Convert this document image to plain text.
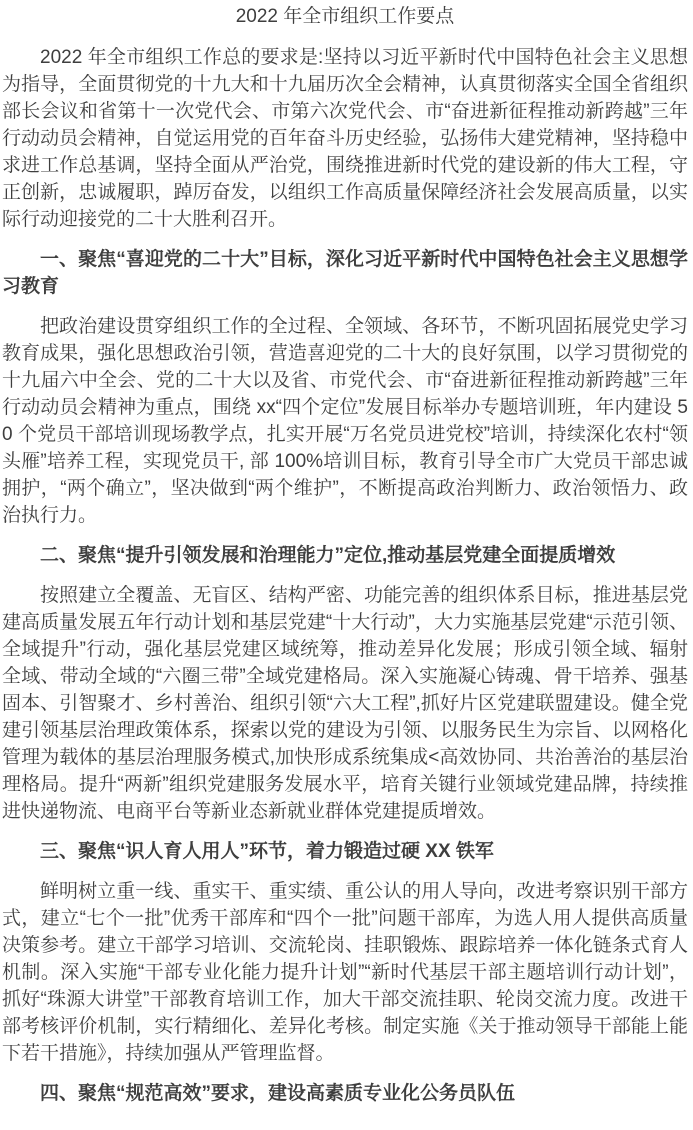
2022 年全市组织工作要点

2022 年全市组织工作总的要求是:坚持以习近平新时代中国特色社会主义思想为指导，全面贯彻党的十九大和十九届历次全会精神，认真贯彻落实全国全省组织部长会议和省第十一次党代会、市第六次党代会、市“奋进新征程推动新跨越”三年行动动员会精神，自觉运用党的百年奋斗历史经验，弘扬伟大建党精神，坚持稳中求进工作总基调，坚持全面从严治党，围绕推进新时代党的建设新的伟大工程，守正创新，忠诚履职，踔厉奋发，以组织工作高质量保障经济社会发展高质量，以实际行动迎接党的二十大胜利召开。

一、聚焦“喜迎党的二十大”目标，深化习近平新时代中国特色社会主义思想学习教育

把政治建设贯穿组织工作的全过程、全领域、各环节，不断巩固拓展党史学习教育成果，强化思想政治引领，营造喜迎党的二十大的良好氛围，以学习贯彻党的十九届六中全会、党的二十大以及省、市党代会、市“奋进新征程推动新跨越”三年行动动员会精神为重点，围绕 xx“四个定位”发展目标举办专题培训班，年内建设 50 个党员干部培训现场教学点，扎实开展“万名党员进党校”培训，持续深化农村“领头雁”培养工程，实现党员干, 部 100%培训目标，教育引导全市广大党员干部忠诚拥护，“两个确立”，坚决做到“两个维护”，不断提高政治判断力、政治领悟力、政治执行力。

二、聚焦“提升引领发展和治理能力”定位,推动基层党建全面提质增效

按照建立全覆盖、无盲区、结构严密、功能完善的组织体系目标，推进基层党建高质量发展五年行动计划和基层党建“十大行动”，大力实施基层党建“示范引领、全域提升”行动，强化基层党建区域统筹，推动差异化发展；形成引领全域、辐射全域、带动全域的“六圈三带”全域党建格局。深入实施凝心铸魂、骨干培养、强基固本、引智聚才、乡村善治、组织引领“六大工程”,抓好片区党建联盟建设。健全党建引领基层治理政策体系，探索以党的建设为引领、以服务民生为宗旨、以网格化管理为载体的基层治理服务模式,加快形成系统集成<高效协同、共治善治的基层治理格局。提升“两新”组织党建服务发展水平，培育关键行业领域党建品牌，持续推进快递物流、电商平台等新业态新就业群体党建提质增效。

三、聚焦“识人育人用人”环节，着力锻造过硬 XX 铁军

鲜明树立重一线、重实干、重实绩、重公认的用人导向，改进考察识别干部方式，建立“七个一批”优秀干部库和“四个一批”问题干部库，为选人用人提供高质量决策参考。建立干部学习培训、交流轮岗、挂职锻炼、跟踪培养一体化链条式育人机制。深入实施“干部专业化能力提升计划”“新时代基层干部主题培训行动计划”，抓好“珠源大讲堂”干部教育培训工作，加大干部交流挂职、轮岗交流力度。改进干部考核评价机制，实行精细化、差异化考核。制定实施《关于推动领导干部能上能下若干措施》，持续加强从严管理监督。

四、聚焦“规范高效”要求，建设高素质专业化公务员队伍
